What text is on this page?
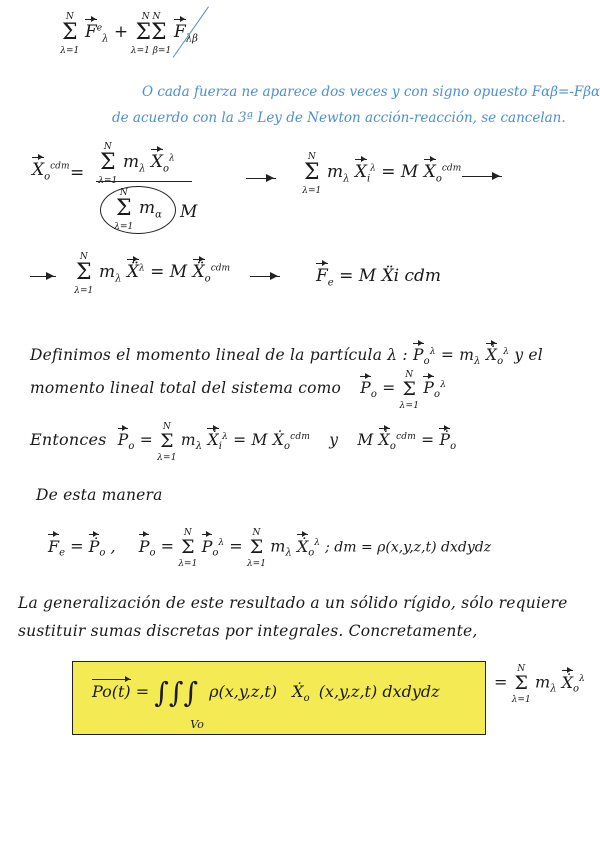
Σ
N
λ=1
$F^e_\lambda + \Sigma\Sigma$
N N
λ=1 β=1
$F_{\lambda\beta}$
O cada fuerza ne aparece dos veces y con signo opuesto Fαβ=-Fβα
de acuerdo con la 3ª Ley de Newton acción-reacción, se cancelan.
$X_o^{cdm} = \Sigma$
N
λ=1
$m_\lambda$ $X_o^\lambda$
Σ
N
λ=1
$m_\alpha$ M
Σ
N
λ=1
$m_\lambda$ $X_i^\lambda = M$ $X_o^{cdm}$
Σ
N
λ=1
$m_\lambda$ Ẍ$^\lambda$ = M Ẍ$_o^{cdm}$	$F_e = M$ Ẍi cdm
Definimos el momento lineal de la partícula λ : $P_o^\lambda = m_\lambda$ Ẋ$_o^\lambda$ y el
momento lineal total del sistema como $P_o = \Sigma$
N
λ=1
$P_o^\lambda$
Entonces $P_o = \Sigma$
N
λ=1
$m_\lambda$ Ẋ$_i^\lambda$ = M Ẋ$_o^{cdm}$ y M Ẋ$_o^{cdm}$ = Ṗ$_o$
De esta manera
$F_e$ = Ṗ$_o$ , $P_o = \Sigma$
N
λ=1
$P_o^\lambda = \Sigma$
N
λ=1
$m_\lambda$ Ẋ$_o^\lambda$ ; dm = ρ(x,y,z,t) dxdydz
La generalización de este resultado a un sólido rígido, sólo requiere
sustituir sumas discretas por integrales. Concretamente,
Po(t) = ∫∫∫
Vo
ρ(x,y,z,t) Ẋ$_o$ (x,y,z,t) dxdydz	= Σ
N
λ=1
$m_\lambda$ Ẋ$_o^\lambda$
